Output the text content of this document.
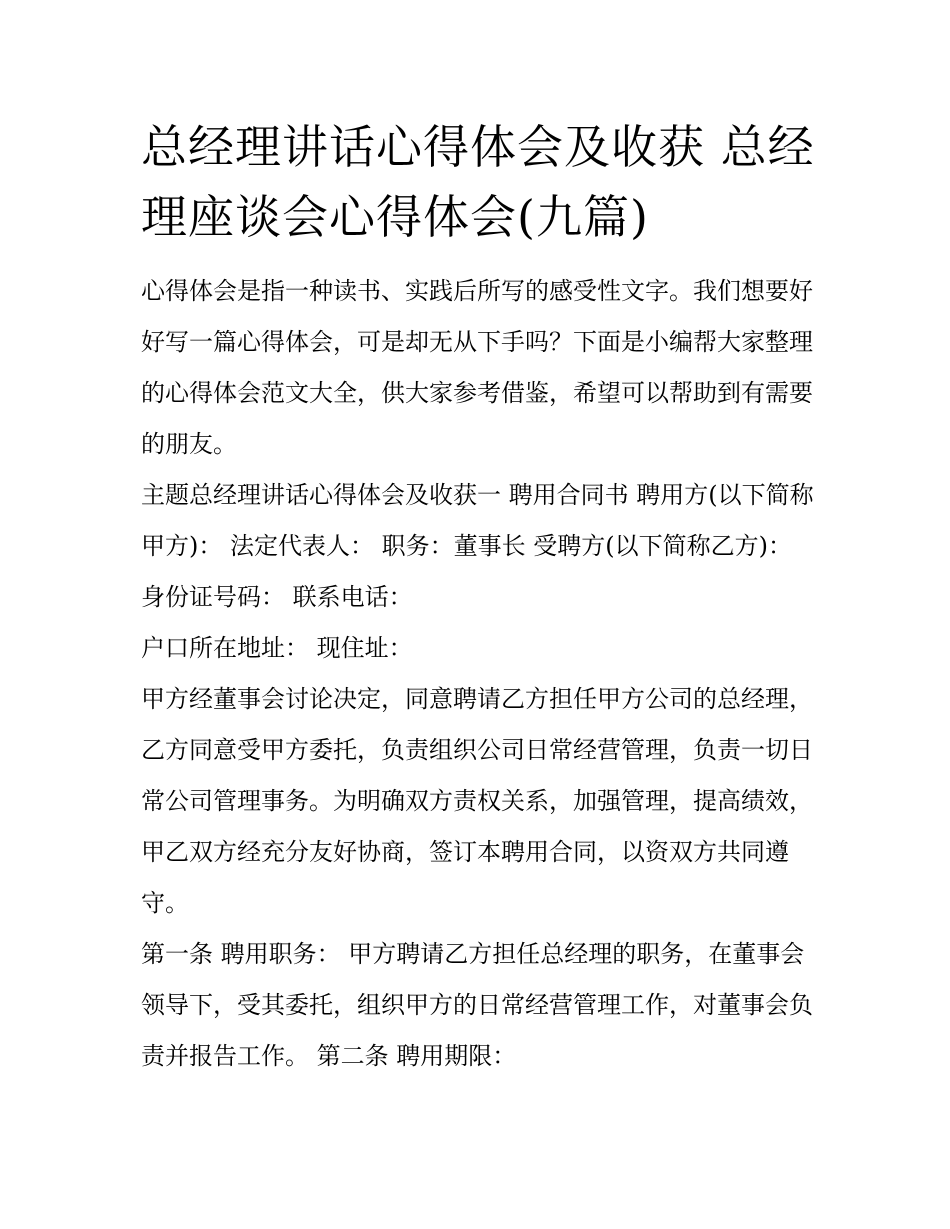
总经理讲话心得体会及收获 总经理座谈会心得体会(九篇)

心得体会是指一种读书、实践后所写的感受性文字。我们想要好好写一篇心得体会，可是却无从下手吗？下面是小编帮大家整理的心得体会范文大全，供大家参考借鉴，希望可以帮助到有需要的朋友。

主题总经理讲话心得体会及收获一 聘用合同书 聘用方(以下简称甲方)： 法定代表人： 职务：董事长 受聘方(以下简称乙方)： 身份证号码： 联系电话：

户口所在地址： 现住址：

甲方经董事会讨论决定，同意聘请乙方担任甲方公司的总经理，乙方同意受甲方委托，负责组织公司日常经营管理，负责一切日常公司管理事务。为明确双方责权关系，加强管理，提高绩效，甲乙双方经充分友好协商，签订本聘用合同，以资双方共同遵守。

第一条 聘用职务： 甲方聘请乙方担任总经理的职务，在董事会领导下，受其委托，组织甲方的日常经营管理工作，对董事会负责并报告工作。 第二条 聘用期限：
